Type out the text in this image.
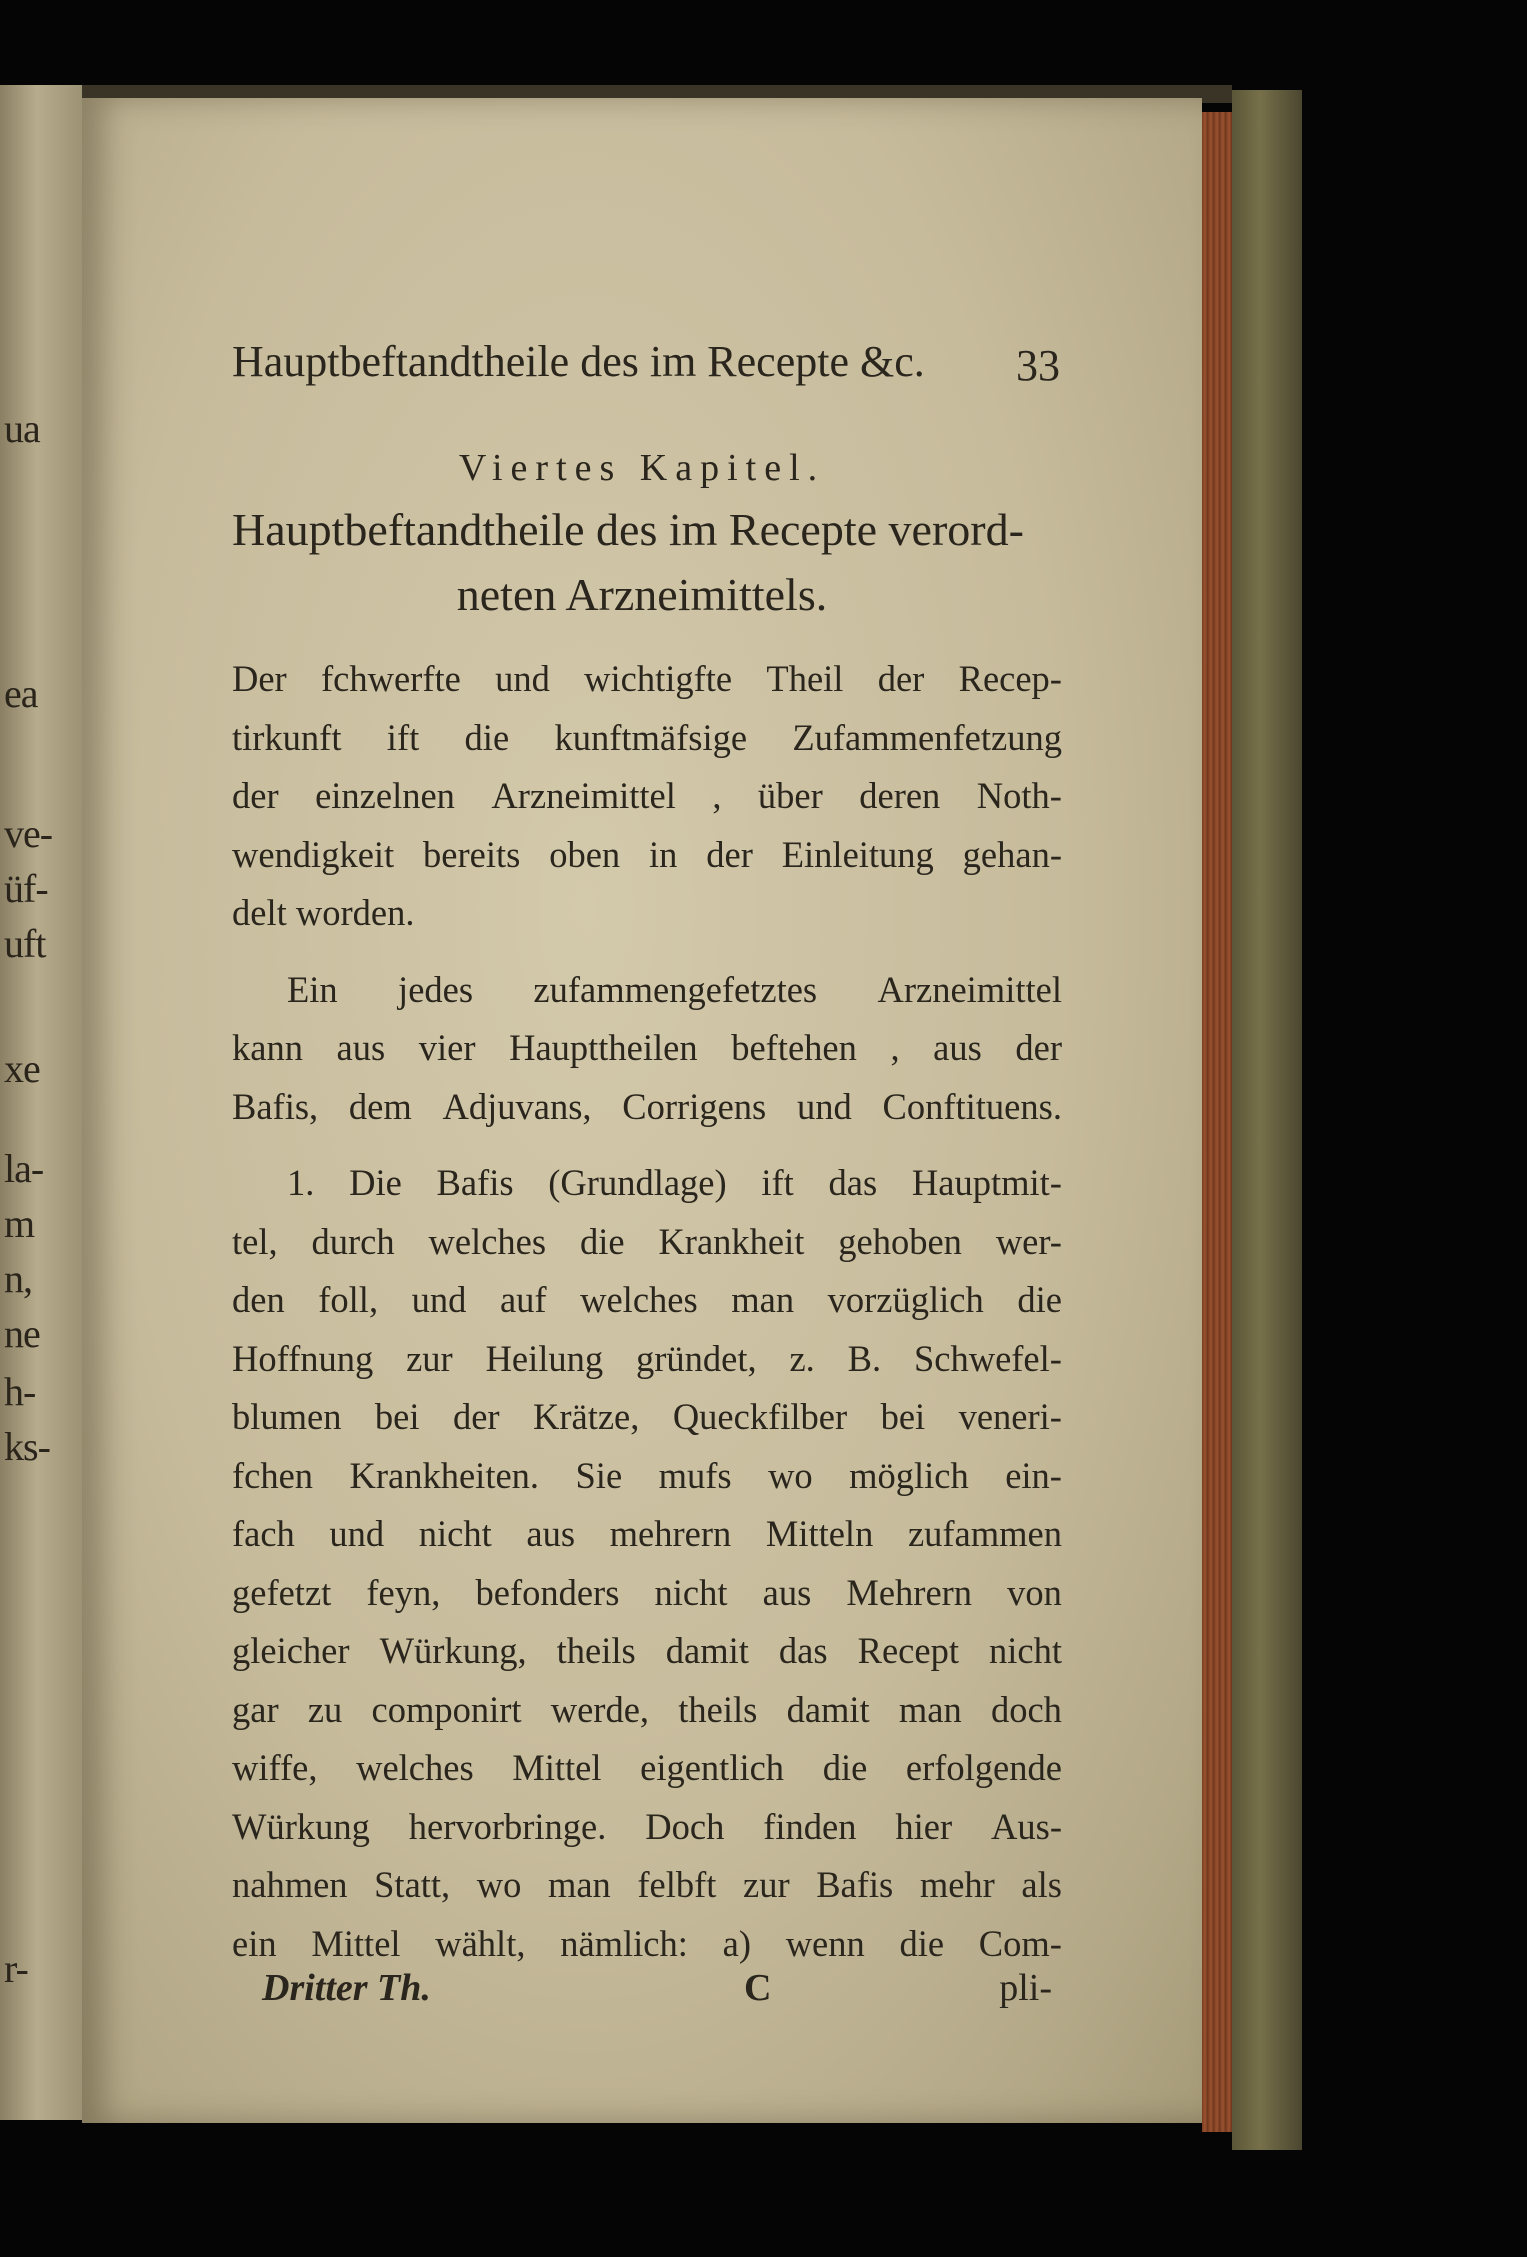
ua
ea
ve-
üf-
uft
xe
la-
m
n,
ne
h-
ks-
r-
Hauptbeftandtheile des im Recepte &c. 33
Viertes Kapitel.
Hauptbeftandtheile des im Recepte verord-
neten Arzneimittels.
Der fchwerfte und wichtigfte Theil der Recep-
tirkunft ift die kunftmäfsige Zufammenfetzung
der einzelnen Arzneimittel , über deren Noth-
wendigkeit bereits oben in der Einleitung gehan-
delt worden.
Ein jedes zufammengefetztes Arzneimittel
kann aus vier Haupttheilen beftehen , aus der
Bafis, dem Adjuvans, Corrigens und Conftituens.
1. Die Bafis (Grundlage) ift das Hauptmit-
tel, durch welches die Krankheit gehoben wer-
den foll, und auf welches man vorzüglich die
Hoffnung zur Heilung gründet, z. B. Schwefel-
blumen bei der Krätze, Queckfilber bei veneri-
fchen Krankheiten. Sie mufs wo möglich ein-
fach und nicht aus mehrern Mitteln zufammen
gefetzt feyn, befonders nicht aus Mehrern von
gleicher Würkung, theils damit das Recept nicht
gar zu componirt werde, theils damit man doch
wiffe, welches Mittel eigentlich die erfolgende
Würkung hervorbringe. Doch finden hier Aus-
nahmen Statt, wo man felbft zur Bafis mehr als
ein Mittel wählt, nämlich: a) wenn die Com-
Dritter Th.	C	pli-
